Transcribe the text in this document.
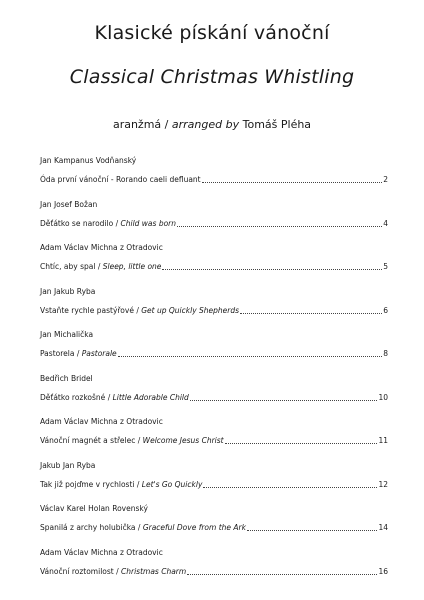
Klasické pískání vánoční
Classical Christmas Whistling
aranžmá / arranged by Tomáš Pléha
Jan Kampanus Vodňanský
Óda první vánoční - Rorando caeli defluant	2
Jan Josef Božan
Děťátko se narodilo / Child was born	4
Adam Václav Michna z Otradovic
Chtíc, aby spal / Sleep, little one	5
Jan Jakub Ryba
Vstaňte rychle pastýřové / Get up Quickly Shepherds	6
Jan Michalička
Pastorela / Pastorale	8
Bedřich Bridel
Děťátko rozkošné / Little Adorable Child	10
Adam Václav Michna z Otradovic
Vánoční magnét a střelec / Welcome Jesus Christ	11
Jakub Jan Ryba
Tak již pojďme v rychlosti / Let's Go Quickly	12
Václav Karel Holan Rovenský
Spanilá z archy holubička / Graceful Dove from the Ark	14
Adam Václav Michna z Otradovic
Vánoční roztomilost / Christmas Charm	16
